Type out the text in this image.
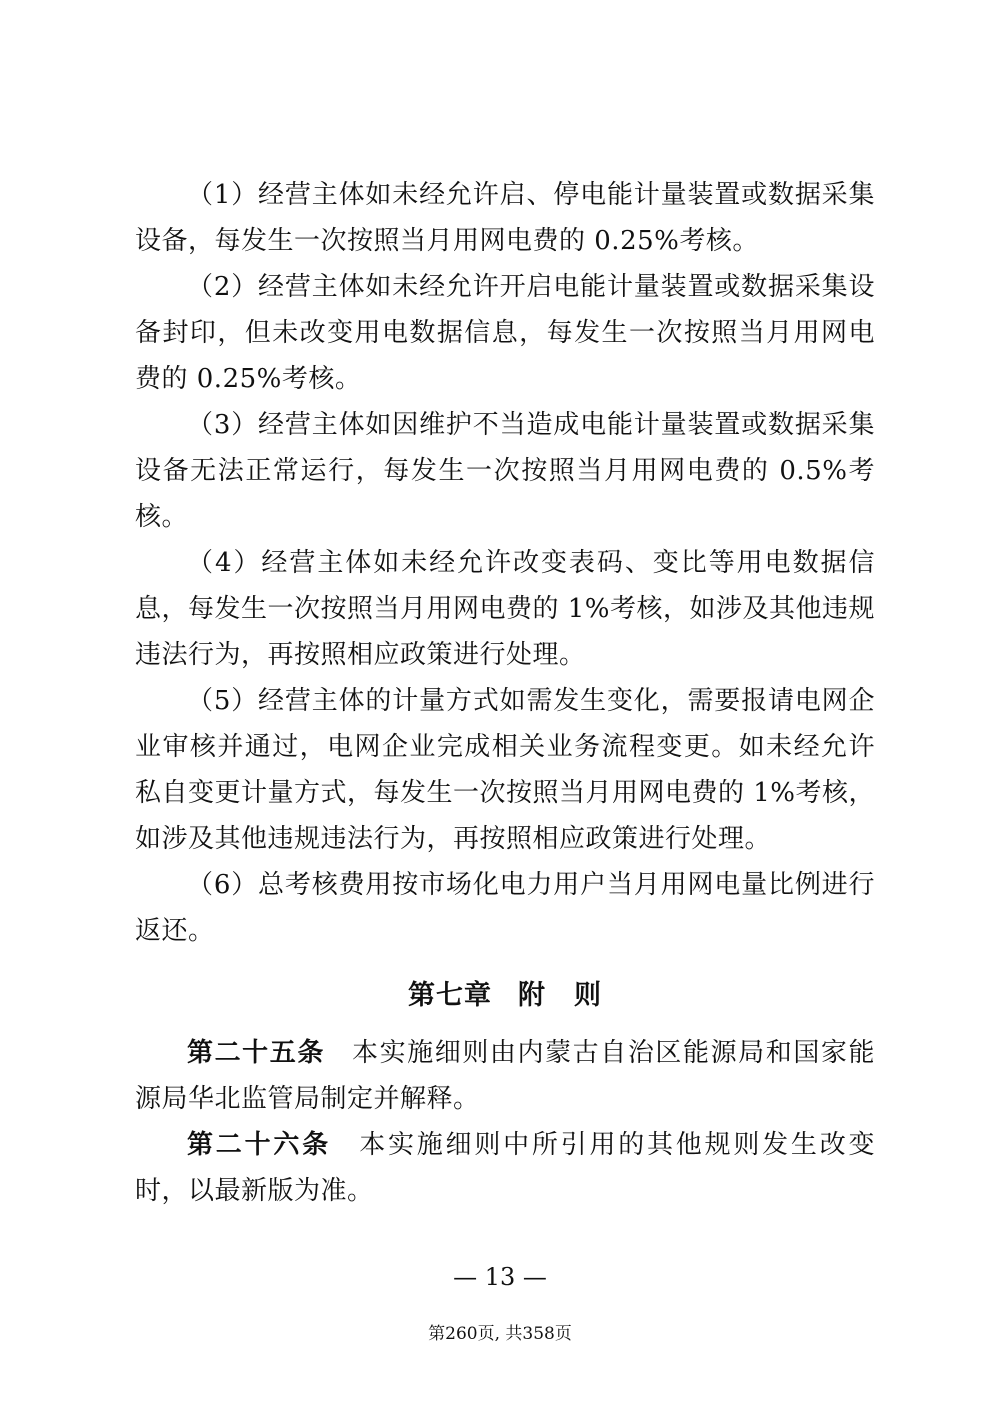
（1）经营主体如未经允许启、停电能计量装置或数据采集设备，每发生一次按照当月用网电费的 0.25%考核。

（2）经营主体如未经允许开启电能计量装置或数据采集设备封印，但未改变用电数据信息，每发生一次按照当月用网电费的 0.25%考核。

（3）经营主体如因维护不当造成电能计量装置或数据采集设备无法正常运行，每发生一次按照当月用网电费的 0.5%考核。

（4）经营主体如未经允许改变表码、变比等用电数据信息，每发生一次按照当月用网电费的 1%考核，如涉及其他违规违法行为，再按照相应政策进行处理。

（5）经营主体的计量方式如需发生变化，需要报请电网企业审核并通过，电网企业完成相关业务流程变更。如未经允许私自变更计量方式，每发生一次按照当月用网电费的 1%考核，如涉及其他违规违法行为，再按照相应政策进行处理。

（6）总考核费用按市场化电力用户当月用网电量比例进行返还。

第七章 附　则

第二十五条 本实施细则由内蒙古自治区能源局和国家能源局华北监管局制定并解释。

第二十六条 本实施细则中所引用的其他规则发生改变时，以最新版为准。

— 13 —
第260页, 共358页
